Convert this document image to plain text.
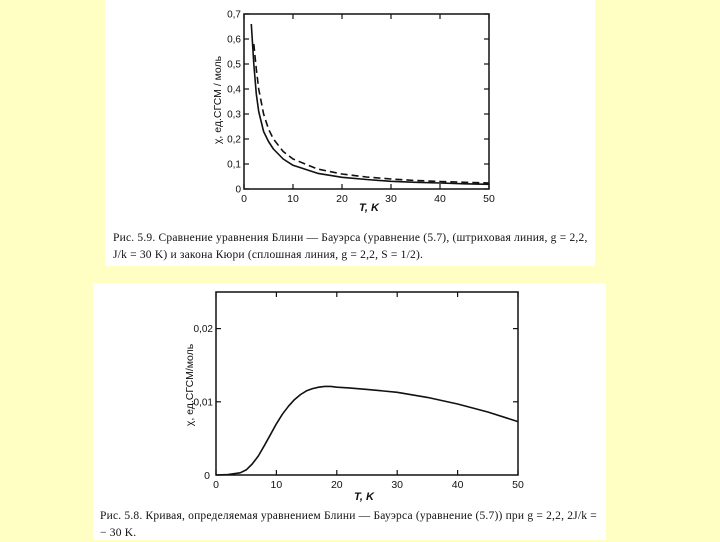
0	10	20	30	40	50
0
0,1
0,2
0,3
0,4
0,5
0,6
0,7
T, K
χ, ед.СГСМ / моль
0	10	20	30	40	50
0,01
0,02
0
T, K
χ, ед.СГСМ/моль
Рис. 5.9. Сравнение уравнения Блини — Бауэрса (уравнение (5.7), (штриховая линия, g = 2,2, J/k = 30 K) и закона Кюри (сплошная линия, g = 2,2, S = 1/2).
Рис. 5.8. Кривая, определяемая уравнением Блини — Бауэрса (уравнение (5.7)) при g = 2,2, 2J/k = − 30 K.
